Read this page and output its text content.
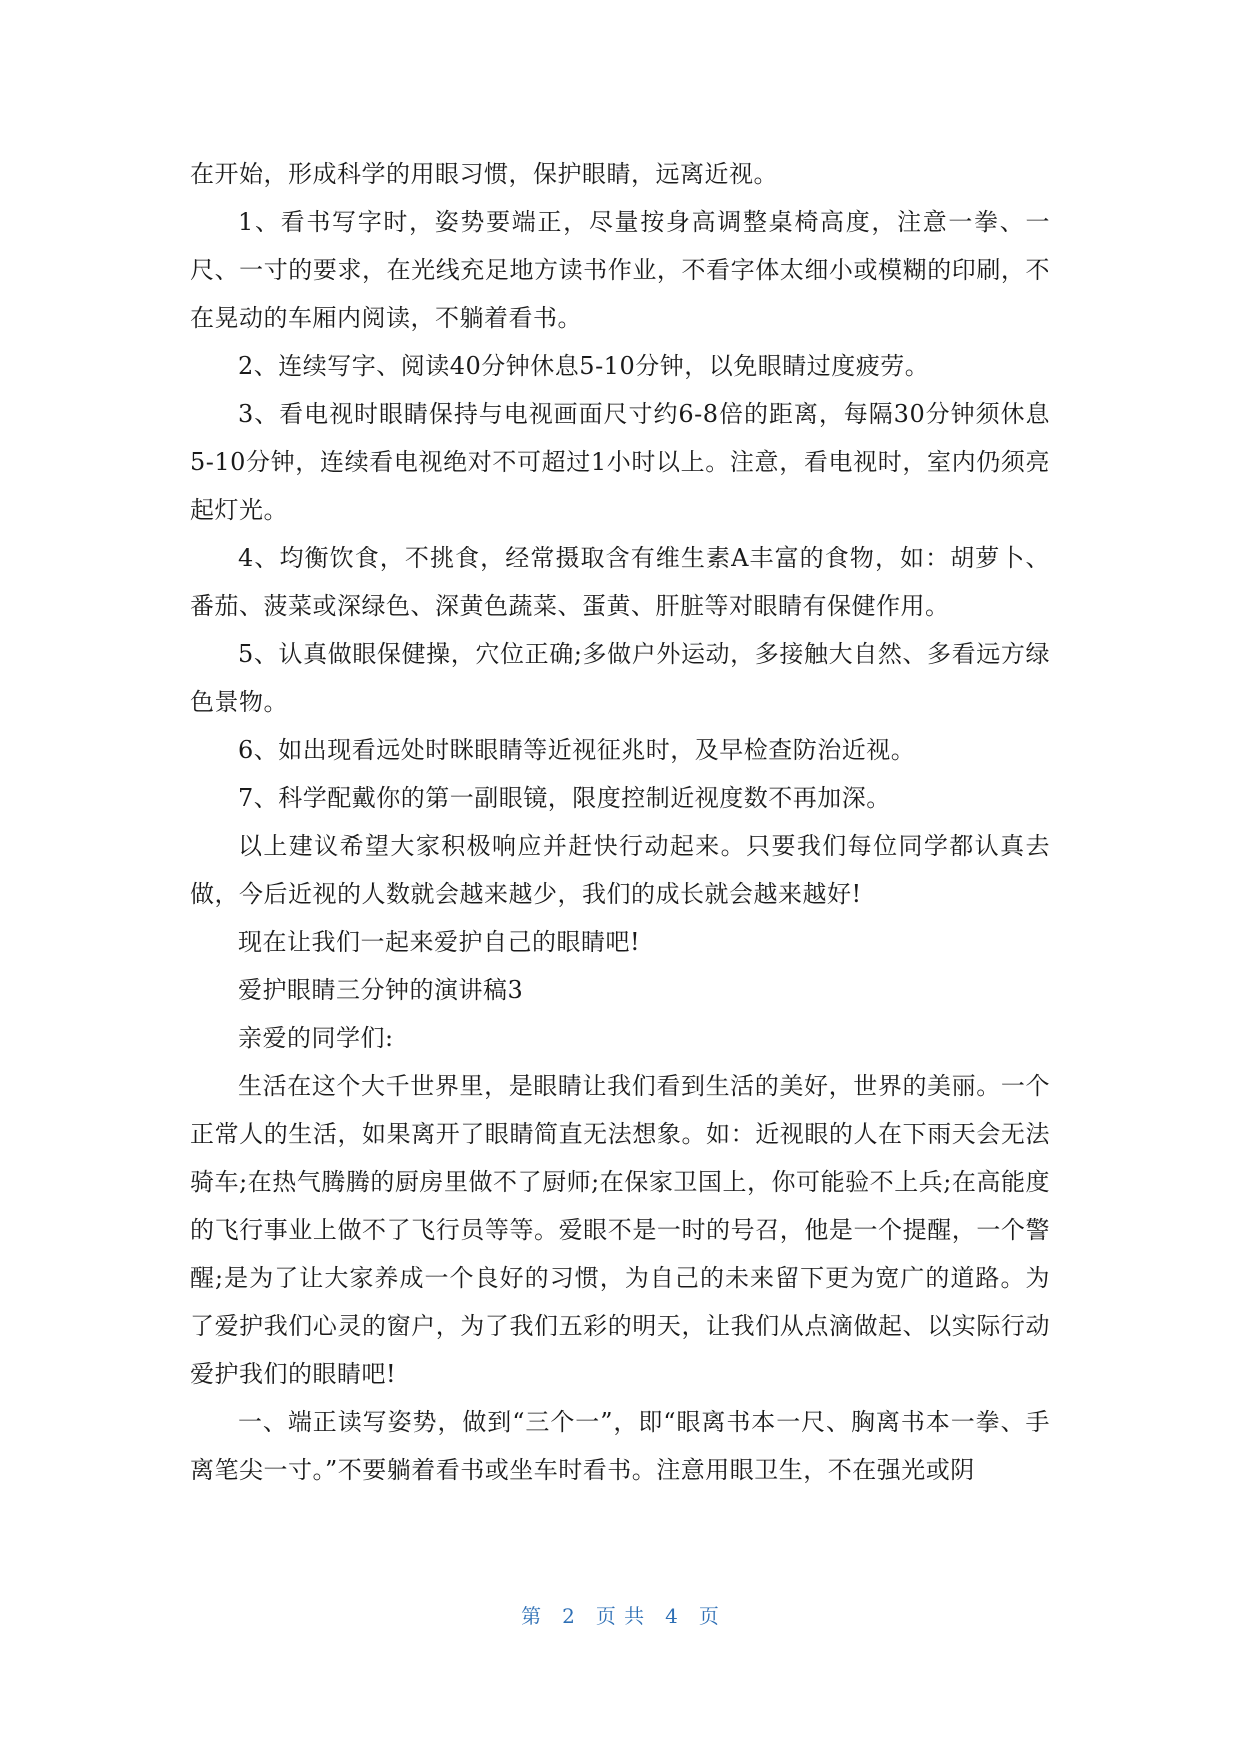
在开始，形成科学的用眼习惯，保护眼睛，远离近视。

1、看书写字时，姿势要端正，尽量按身高调整桌椅高度，注意一拳、一尺、一寸的要求，在光线充足地方读书作业，不看字体太细小或模糊的印刷，不在晃动的车厢内阅读，不躺着看书。

2、连续写字、阅读40分钟休息5-10分钟，以免眼睛过度疲劳。

3、看电视时眼睛保持与电视画面尺寸约6-8倍的距离，每隔30分钟须休息5-10分钟，连续看电视绝对不可超过1小时以上。注意，看电视时，室内仍须亮起灯光。

4、均衡饮食，不挑食，经常摄取含有维生素A丰富的食物，如：胡萝卜、番茄、菠菜或深绿色、深黄色蔬菜、蛋黄、肝脏等对眼睛有保健作用。

5、认真做眼保健操，穴位正确;多做户外运动，多接触大自然、多看远方绿色景物。

6、如出现看远处时眯眼睛等近视征兆时，及早检查防治近视。

7、科学配戴你的第一副眼镜，限度控制近视度数不再加深。

以上建议希望大家积极响应并赶快行动起来。只要我们每位同学都认真去做，今后近视的人数就会越来越少，我们的成长就会越来越好!

现在让我们一起来爱护自己的眼睛吧!

爱护眼睛三分钟的演讲稿3

亲爱的同学们:

生活在这个大千世界里，是眼睛让我们看到生活的美好，世界的美丽。一个正常人的生活，如果离开了眼睛简直无法想象。如：近视眼的人在下雨天会无法骑车;在热气腾腾的厨房里做不了厨师;在保家卫国上，你可能验不上兵;在高能度的飞行事业上做不了飞行员等等。爱眼不是一时的号召，他是一个提醒，一个警醒;是为了让大家养成一个良好的习惯，为自己的未来留下更为宽广的道路。为了爱护我们心灵的窗户，为了我们五彩的明天，让我们从点滴做起、以实际行动爱护我们的眼睛吧!

一、端正读写姿势，做到“三个一”，即“眼离书本一尺、胸离书本一拳、手离笔尖一寸。”不要躺着看书或坐车时看书。注意用眼卫生，不在强光或阴

第 2 页 共 4 页
